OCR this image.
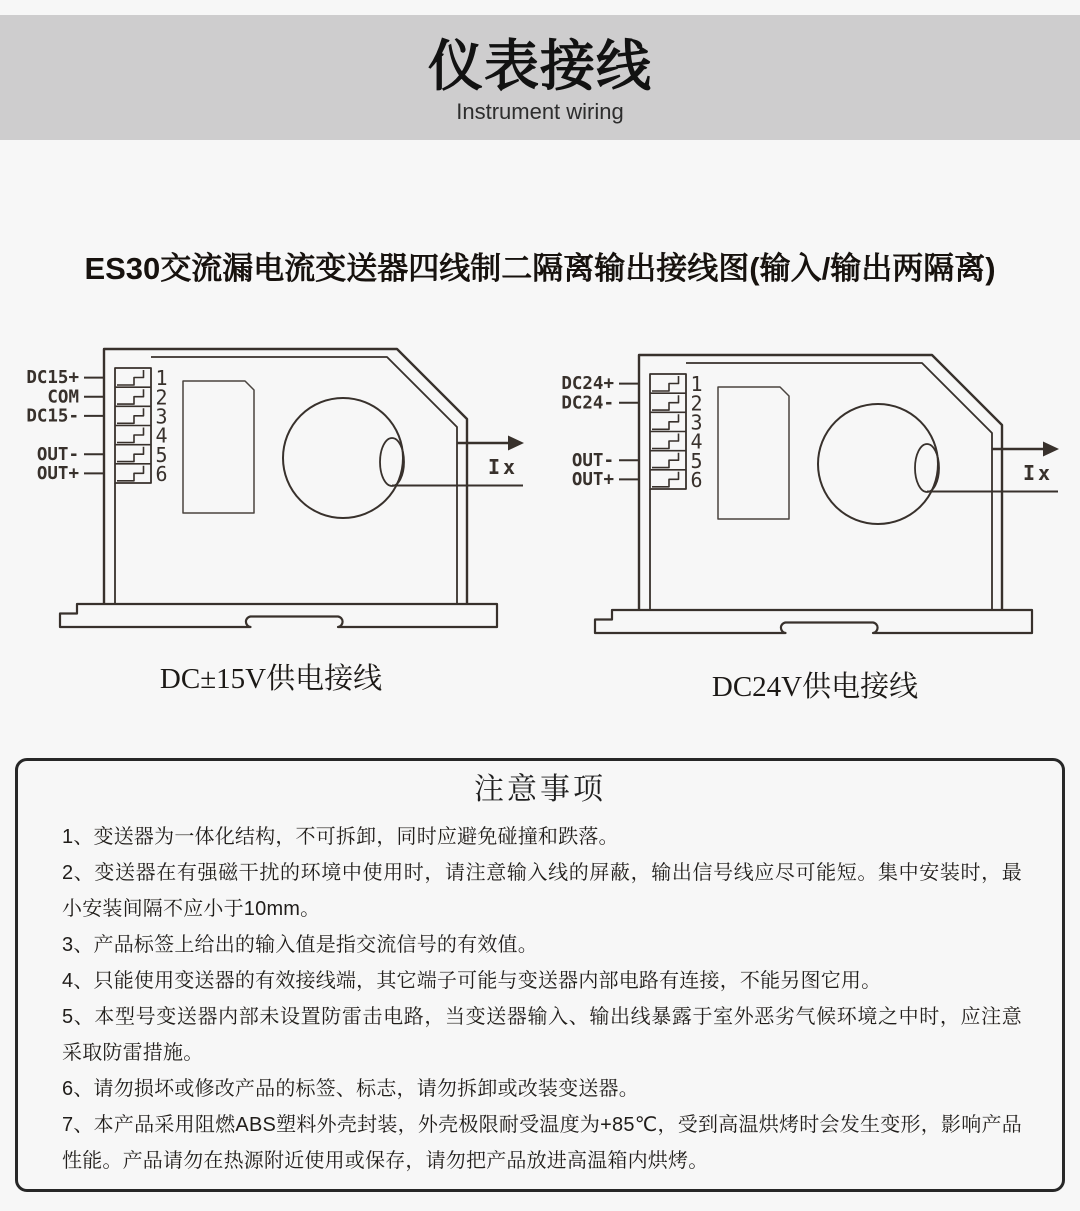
仪表接线
Instrument wiring
ES30交流漏电流变送器四线制二隔离输出接线图(输入/输出两隔离)
1
DC15+
2
COM
3
DC15-
4
5
OUT-
6
OUT+	Ix
DC±15V供电接线
1
DC24+
2
DC24-
3
4
5
OUT-
6
OUT+	Ix
DC24V供电接线
注意事项

1、变送器为一体化结构，不可拆卸，同时应避免碰撞和跌落。

2、变送器在有强磁干扰的环境中使用时，请注意输入线的屏蔽，输出信号线应尽可能短。集中安装时，最小安装间隔不应小于10mm。

3、产品标签上给出的输入值是指交流信号的有效值。

4、只能使用变送器的有效接线端，其它端子可能与变送器内部电路有连接，不能另图它用。

5、本型号变送器内部未设置防雷击电路，当变送器输入、输出线暴露于室外恶劣气候环境之中时，应注意采取防雷措施。

6、请勿损坏或修改产品的标签、标志，请勿拆卸或改装变送器。

7、本产品采用阻燃ABS塑料外壳封装，外壳极限耐受温度为+85℃，受到高温烘烤时会发生变形，影响产品性能。产品请勿在热源附近使用或保存，请勿把产品放进高温箱内烘烤。
